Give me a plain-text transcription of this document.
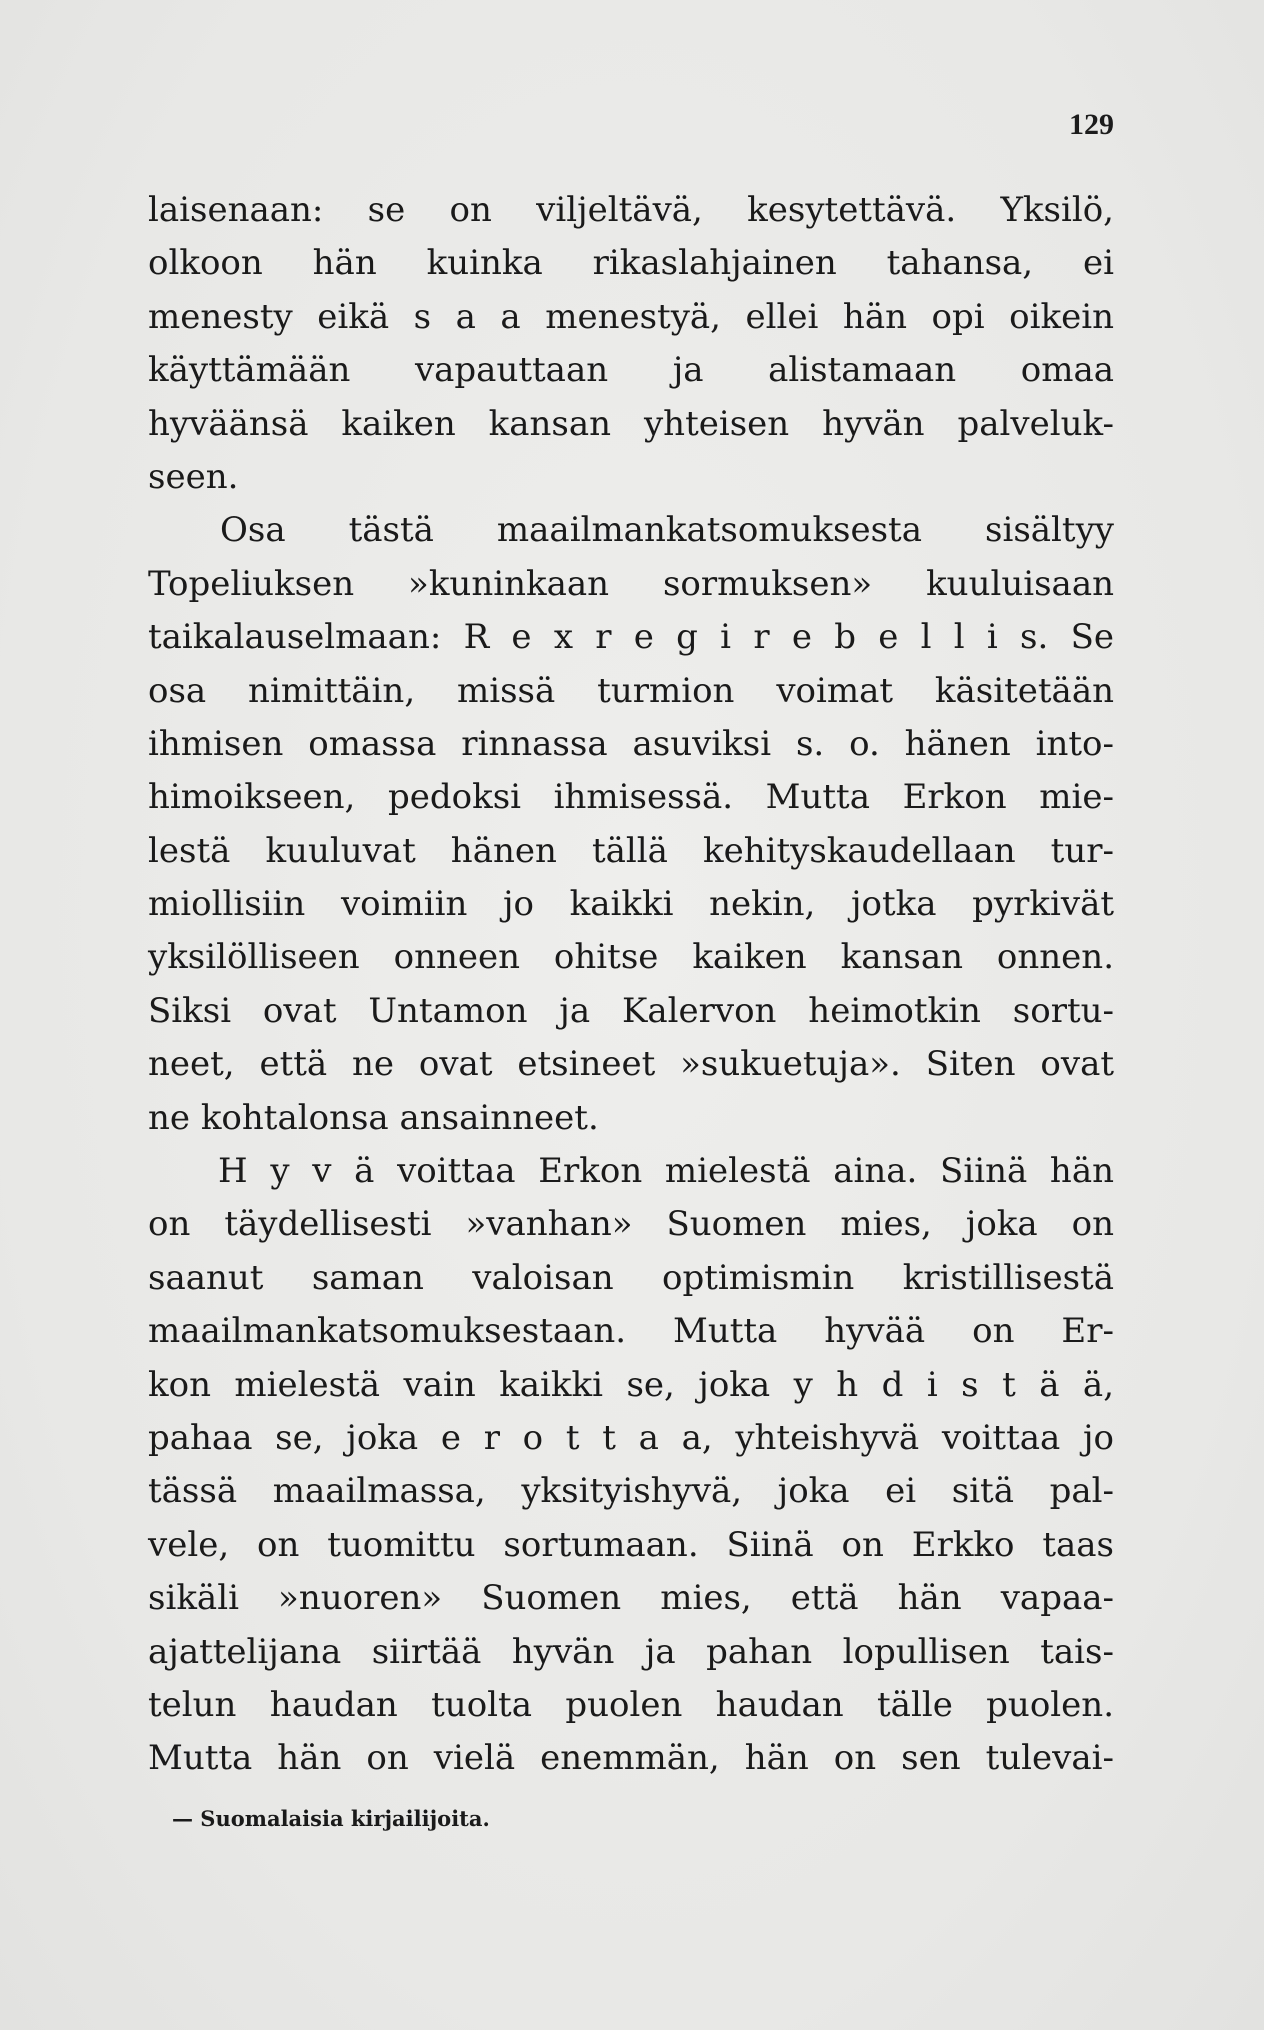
129
laisenaan: se on viljeltävä, kesytettävä. Yksilö,
olkoon hän kuinka rikaslahjainen tahansa, ei
menesty eikä s a a menestyä, ellei hän opi oikein
käyttämään vapauttaan ja alistamaan omaa
hyväänsä kaiken kansan yhteisen hyvän palveluk-
seen.
Osa tästä maailmankatsomuksesta sisältyy
Topeliuksen »kuninkaan sormuksen» kuuluisaan
taikalauselmaan: R e x r e g i r e b e l l i s. Se
osa nimittäin, missä turmion voimat käsitetään
ihmisen omassa rinnassa asuviksi s. o. hänen into-
himoikseen, pedoksi ihmisessä. Mutta Erkon mie-
lestä kuuluvat hänen tällä kehityskaudellaan tur-
miollisiin voimiin jo kaikki nekin, jotka pyrkivät
yksilölliseen onneen ohitse kaiken kansan onnen.
Siksi ovat Untamon ja Kalervon heimotkin sortu-
neet, että ne ovat etsineet »sukuetuja». Siten ovat
ne kohtalonsa ansainneet.
H y v ä voittaa Erkon mielestä aina. Siinä hän
on täydellisesti »vanhan» Suomen mies, joka on
saanut saman valoisan optimismin kristillisestä
maailmankatsomuksestaan. Mutta hyvää on Er-
kon mielestä vain kaikki se, joka y h d i s t ä ä,
pahaa se, joka e r o t t a a, yhteishyvä voittaa jo
tässä maailmassa, yksityishyvä, joka ei sitä pal-
vele, on tuomittu sortumaan. Siinä on Erkko taas
sikäli »nuoren» Suomen mies, että hän vapaa-
ajattelijana siirtää hyvän ja pahan lopullisen tais-
telun haudan tuolta puolen haudan tälle puolen.
Mutta hän on vielä enemmän, hän on sen tulevai-
— Suomalaisia kirjailijoita.
